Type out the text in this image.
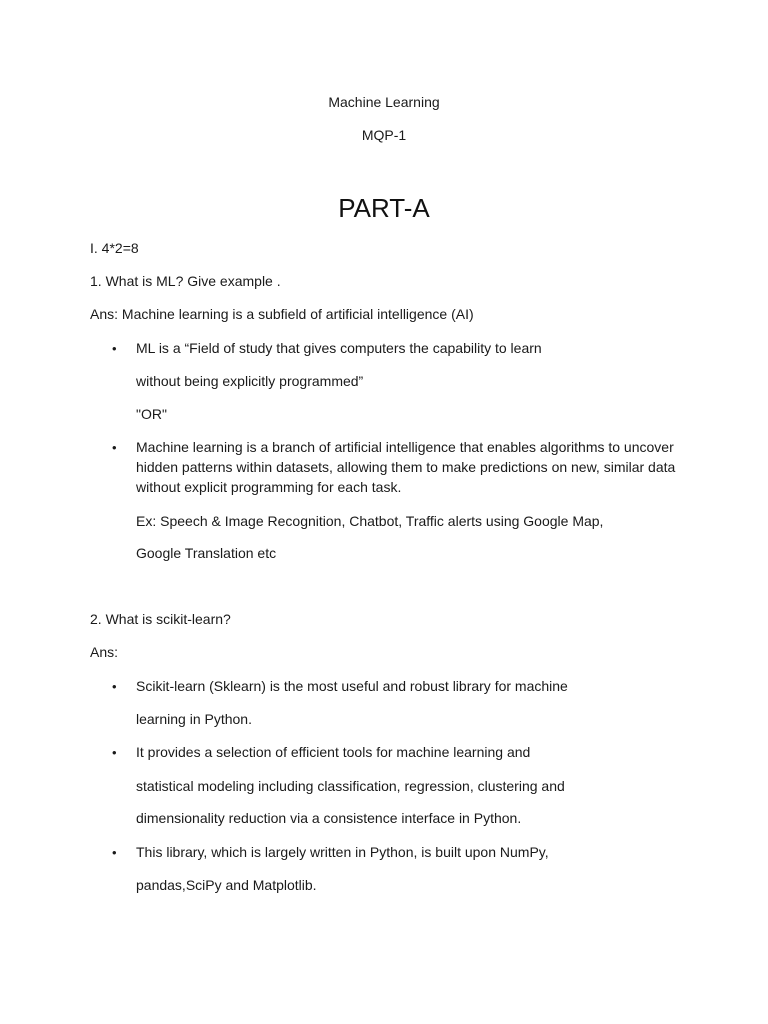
Machine Learning
MQP-1
PART-A
I. 4*2=8
1. What is ML? Give example .
Ans: Machine learning is a subfield of artificial intelligence (AI)
•	ML is a “Field of study that gives computers the capability to learn
without being explicitly programmed”
"OR"
•	Machine learning is a branch of artificial intelligence that enables algorithms to uncover hidden patterns within datasets, allowing them to make predictions on new, similar data without explicit programming for each task.
Ex: Speech & Image Recognition, Chatbot, Traffic alerts using Google Map,
Google Translation etc
2. What is scikit-learn?
Ans:
•	Scikit-learn (Sklearn) is the most useful and robust library for machine
learning in Python.
•	It provides a selection of efficient tools for machine learning and
statistical modeling including classification, regression, clustering and
dimensionality reduction via a consistence interface in Python.
•	This library, which is largely written in Python, is built upon NumPy,
pandas,SciPy and Matplotlib.
